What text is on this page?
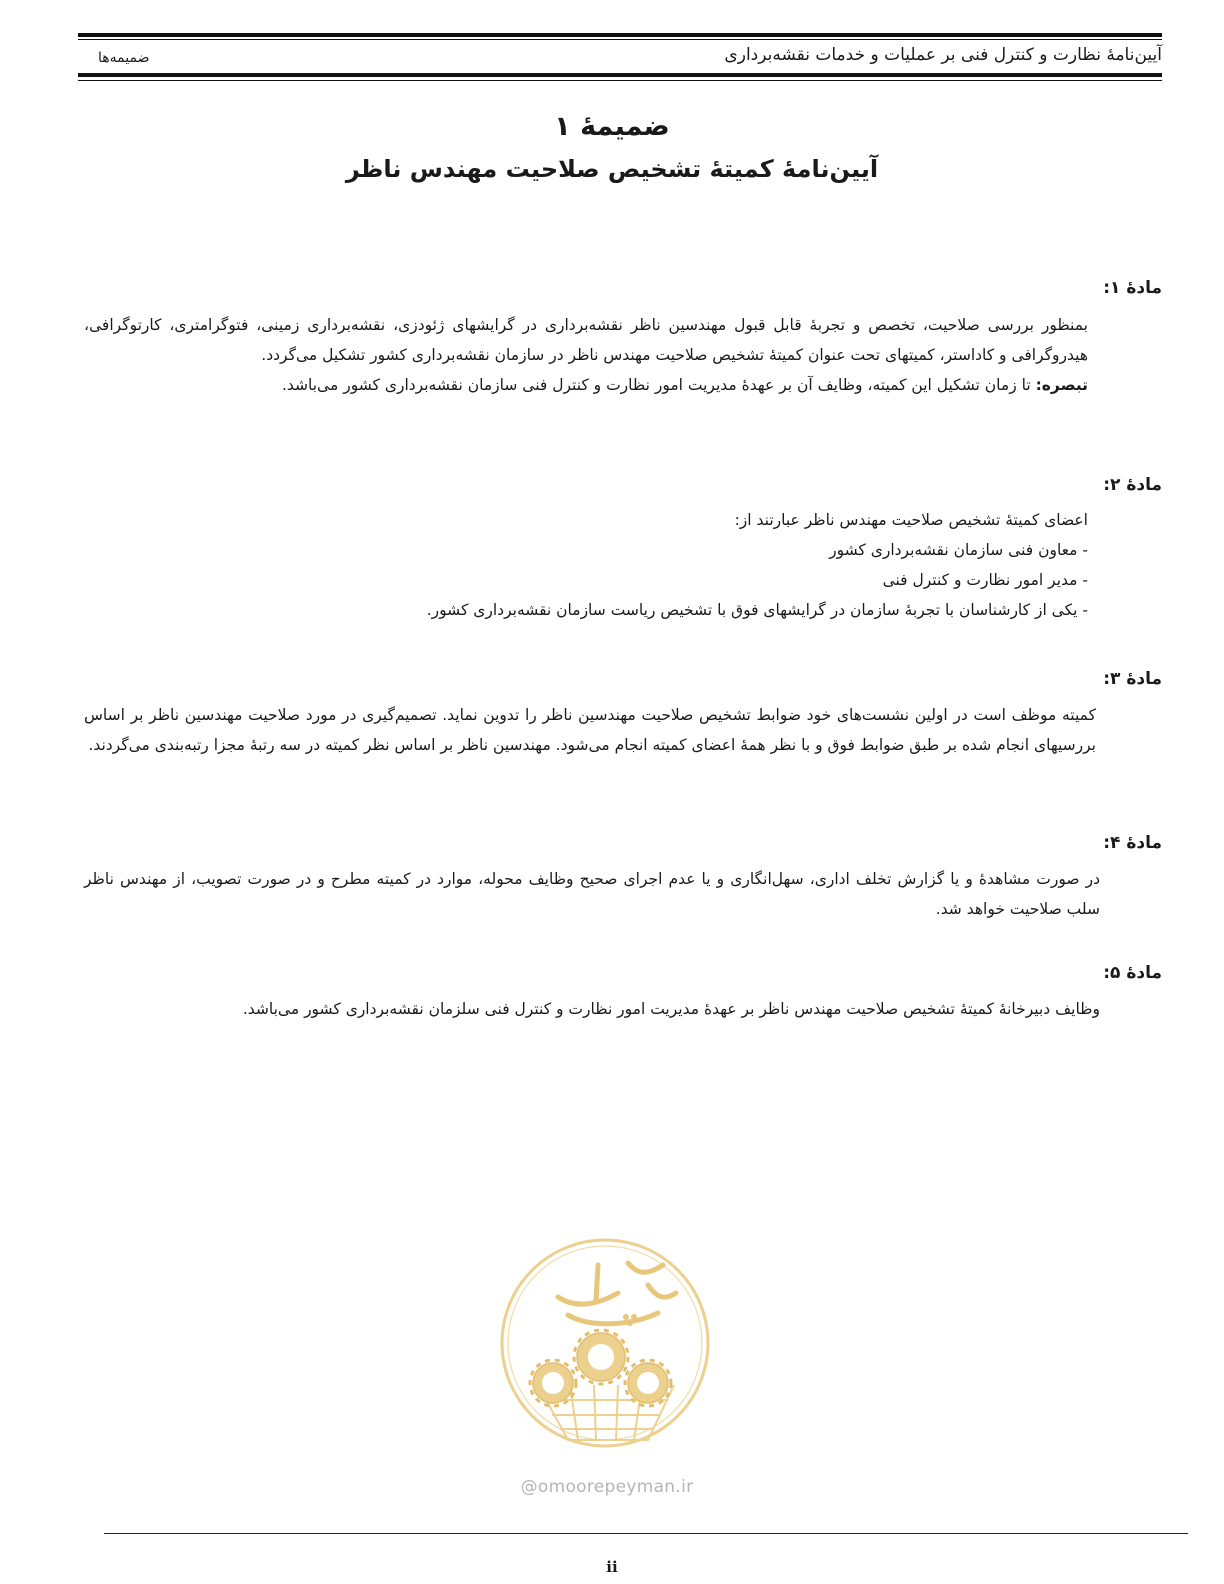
آیین‌نامۀ نظارت و کنترل فنی بر عملیات و خدمات نقشه‌برداری
ضمیمه‌ها
ضمیمۀ ۱
آیین‌نامۀ کمیتۀ تشخیص صلاحیت مهندس ناظر
مادۀ ۱:

بمنظور بررسی صلاحیت، تخصص و تجربۀ قابل قبول مهندسین ناظر نقشه‌برداری در گرایشهای ژئودزی، نقشه‌برداری زمینی، فتوگرامتری، کارتوگرافی، هیدروگرافی و کاداستر، کمیتهای تحت عنوان کمیتۀ تشخیص صلاحیت مهندس ناظر در سازمان نقشه‌برداری کشور تشکیل می‌گردد.

تبصره: تا زمان تشکیل این کمیته، وظایف آن بر عهدۀ مدیریت امور نظارت و کنترل فنی سازمان نقشه‌برداری کشور می‌باشد.

مادۀ ۲:

اعضای کمیتۀ تشخیص صلاحیت مهندس ناظر عبارتند از:

- معاون فنی سازمان نقشه‌برداری کشور
- مدیر امور نظارت و کنترل فنی
- یکی از کارشناسان با تجربۀ سازمان در گرایشهای فوق با تشخیص ریاست سازمان نقشه‌برداری کشور.
مادۀ ۳:

کمیته موظف است در اولین نشست‌های خود ضوابط تشخیص صلاحیت مهندسین ناظر را تدوین نماید. تصمیم‌گیری در مورد صلاحیت مهندسین ناظر بر اساس بررسیهای انجام شده بر طبق ضوابط فوق و با نظر همۀ اعضای کمیته انجام می‌شود. مهندسین ناظر بر اساس نظر کمیته در سه رتبۀ مجزا رتبه‌بندی می‌گردند.

مادۀ ۴:

در صورت مشاهدۀ و یا گزارش تخلف اداری، سهل‌انگاری و یا عدم اجرای صحیح وظایف محوله، موارد در کمیته مطرح و در صورت تصویب، از مهندس ناظر سلب صلاحیت خواهد شد.

مادۀ ۵:

وظایف دبیرخانۀ کمیتۀ تشخیص صلاحیت مهندس ناظر بر عهدۀ مدیریت امور نظارت و کنترل فنی سلزمان نقشه‌برداری کشور می‌باشد.

@omoorepeyman.ir
ii
